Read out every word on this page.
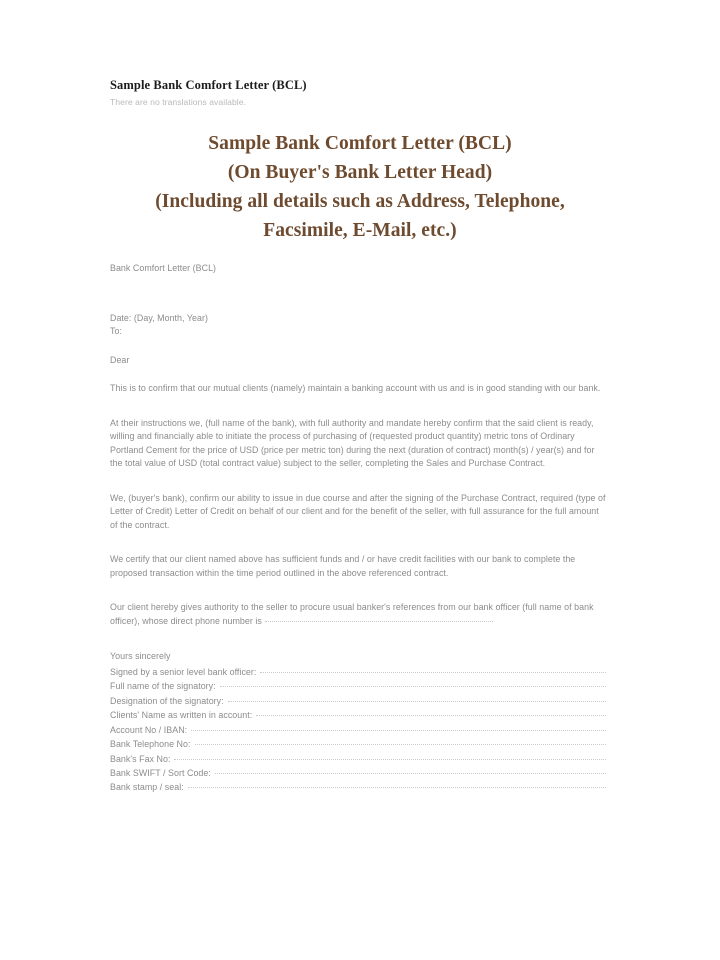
Sample Bank Comfort Letter (BCL)
There are no translations available.
Sample Bank Comfort Letter (BCL)
(On Buyer's Bank Letter Head)
(Including all details such as Address, Telephone,
Facsimile, E-Mail, etc.)

Bank Comfort Letter (BCL)

Date: (Day, Month, Year)

To:

Dear

This is to confirm that our mutual clients (namely) maintain a banking account with us and is in good standing with our bank.

At their instructions we, (full name of the bank), with full authority and mandate hereby confirm that the said client is ready, willing and financially able to initiate the process of purchasing of (requested product quantity) metric tons of Ordinary Portland Cement for the price of USD (price per metric ton) during the next (duration of contract) month(s) / year(s) and for the total value of USD (total contract value) subject to the seller, completing the Sales and Purchase Contract.

We, (buyer's bank), confirm our ability to issue in due course and after the signing of the Purchase Contract, required (type of Letter of Credit) Letter of Credit on behalf of our client and for the benefit of the seller, with full assurance for the full amount of the contract.

We certify that our client named above has sufficient funds and / or have credit facilities with our bank to complete the proposed transaction within the time period outlined in the above referenced contract.

Our client hereby gives authority to the seller to procure usual banker's references from our bank officer (full name of bank officer), whose direct phone number is

Yours sincerely

Signed by a senior level bank officer:
Full name of the signatory:
Designation of the signatory:
Clients' Name as written in account:
Account No / IBAN:
Bank Telephone No:
Bank's Fax No:
Bank SWIFT / Sort Code:
Bank stamp / seal:
